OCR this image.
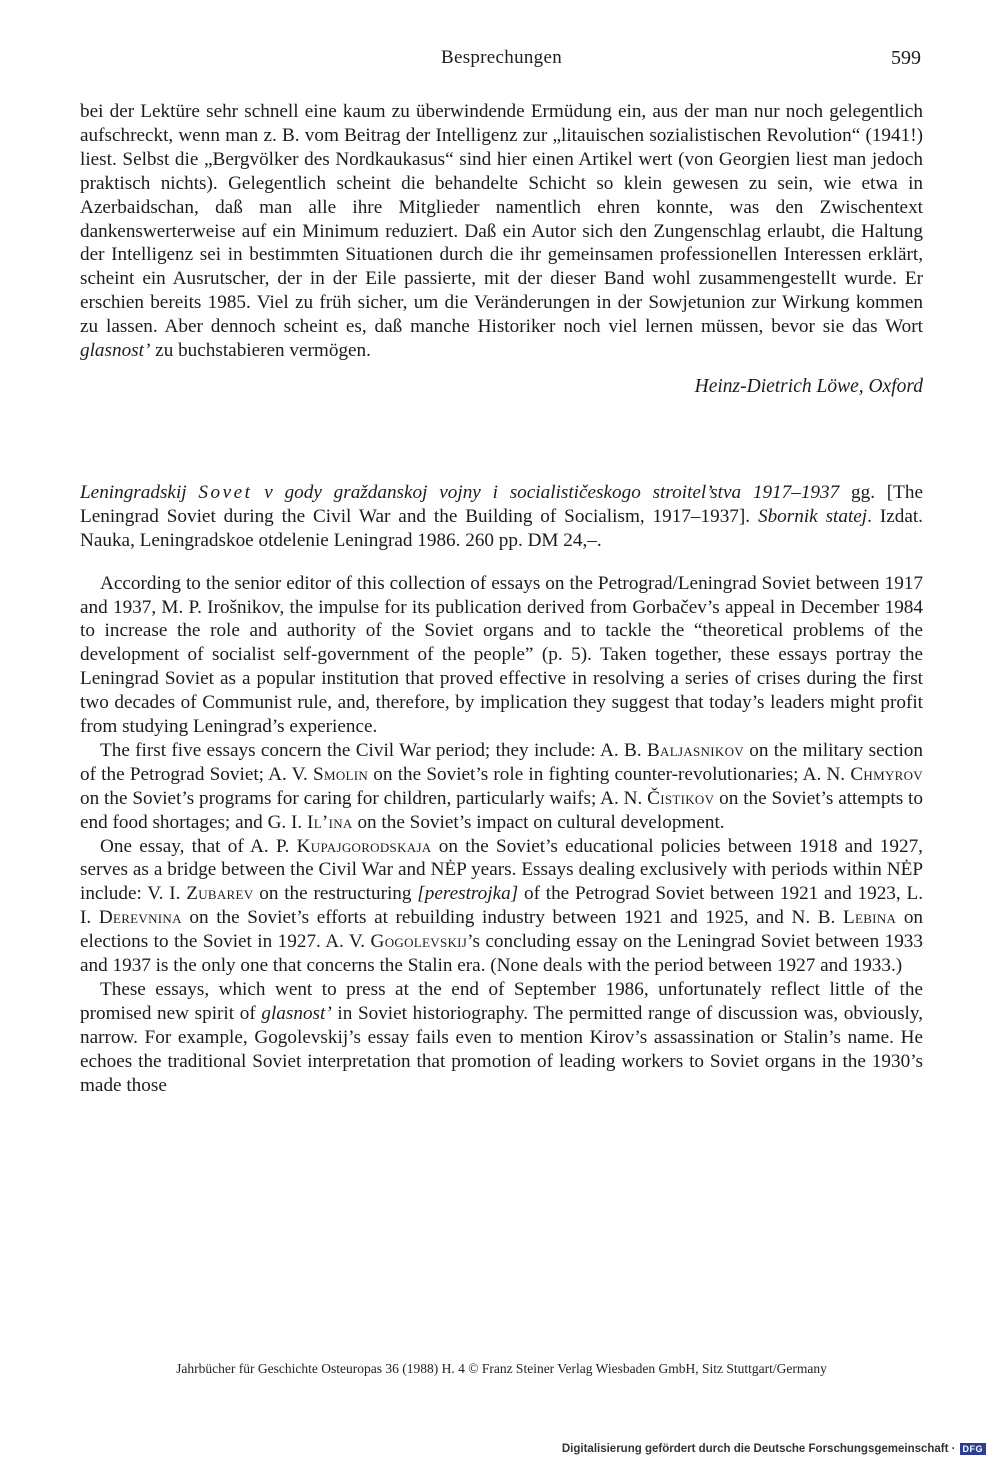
Besprechungen	599

bei der Lektüre sehr schnell eine kaum zu überwindende Ermüdung ein, aus der man nur noch gelegentlich aufschreckt, wenn man z. B. vom Beitrag der Intelligenz zur „litauischen sozialistischen Revolution“ (1941!) liest. Selbst die „Bergvölker des Nordkaukasus“ sind hier einen Artikel wert (von Georgien liest man jedoch praktisch nichts). Gelegentlich scheint die behandelte Schicht so klein gewesen zu sein, wie etwa in Azerbaidschan, daß man alle ihre Mitglieder namentlich ehren konnte, was den Zwischentext dankenswerterweise auf ein Minimum reduziert. Daß ein Autor sich den Zungenschlag erlaubt, die Haltung der Intelligenz sei in bestimmten Situationen durch die ihr gemeinsamen professionellen Interessen erklärt, scheint ein Ausrutscher, der in der Eile passierte, mit der dieser Band wohl zusammengestellt wurde. Er erschien bereits 1985. Viel zu früh sicher, um die Veränderungen in der Sowjetunion zur Wirkung kommen zu lassen. Aber dennoch scheint es, daß manche Historiker noch viel lernen müssen, bevor sie das Wort glasnost’ zu buchstabieren vermögen.

Heinz-Dietrich Löwe, Oxford

Leningradskij Sovet v gody graždanskoj vojny i socialističeskogo stroitel’stva 1917–1937 gg. [The Leningrad Soviet during the Civil War and the Building of Socialism, 1917–1937]. Sbornik statej. Izdat. Nauka, Leningradskoe otdelenie Leningrad 1986. 260 pp. DM 24,–.

According to the senior editor of this collection of essays on the Petrograd/Leningrad Soviet between 1917 and 1937, M. P. Irošnikov, the impulse for its publication derived from Gorbačev’s appeal in December 1984 to increase the role and authority of the Soviet organs and to tackle the “theoretical problems of the development of socialist self-government of the people” (p. 5). Taken together, these essays portray the Leningrad Soviet as a popular institution that proved effective in resolving a series of crises during the first two decades of Communist rule, and, therefore, by implication they suggest that today’s leaders might profit from studying Leningrad’s experience.

The first five essays concern the Civil War period; they include: A. B. Baljasnikov on the military section of the Petrograd Soviet; A. V. Smolin on the Soviet’s role in fighting counter-revolutionaries; A. N. Chmyrov on the Soviet’s programs for caring for children, particularly waifs; A. N. Čistikov on the Soviet’s attempts to end food shortages; and G. I. Il’ina on the Soviet’s impact on cultural development.

One essay, that of A. P. Kupajgorodskaja on the Soviet’s educational policies between 1918 and 1927, serves as a bridge between the Civil War and NĖP years. Essays dealing exclusively with periods within NĖP include: V. I. Zubarev on the restructuring [perestrojka] of the Petrograd Soviet between 1921 and 1923, L. I. Derevnina on the Soviet’s efforts at rebuilding industry between 1921 and 1925, and N. B. Lebina on elections to the Soviet in 1927. A. V. Gogolevskij’s concluding essay on the Leningrad Soviet between 1933 and 1937 is the only one that concerns the Stalin era. (None deals with the period between 1927 and 1933.)

These essays, which went to press at the end of September 1986, unfortunately reflect little of the promised new spirit of glasnost’ in Soviet historiography. The permitted range of discussion was, obviously, narrow. For example, Gogolevskij’s essay fails even to mention Kirov’s assassination or Stalin’s name. He echoes the traditional Soviet interpretation that promotion of leading workers to Soviet organs in the 1930’s made those

Jahrbücher für Geschichte Osteuropas 36 (1988) H. 4 © Franz Steiner Verlag Wiesbaden GmbH, Sitz Stuttgart/Germany
Digitalisierung gefördert durch die Deutsche Forschungsgemeinschaft · DFG
